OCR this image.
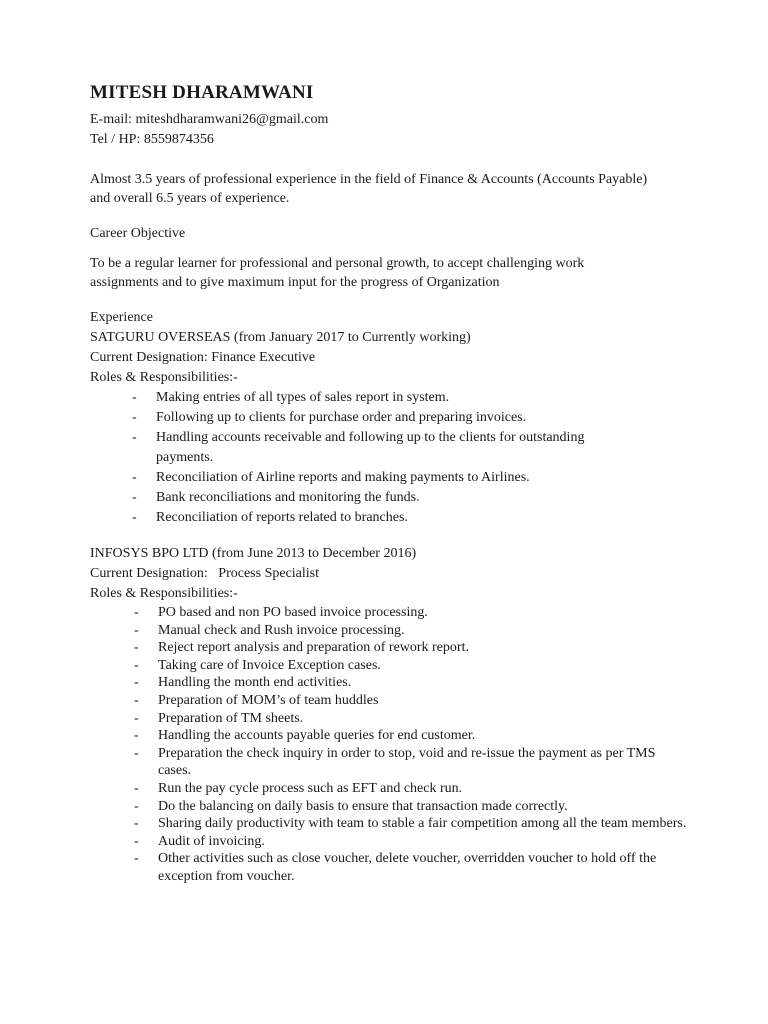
MITESH DHARAMWANI
E-mail: miteshdharamwani26@gmail.com
Tel / HP: 8559874356
Almost 3.5 years of professional experience in the field of Finance & Accounts (Accounts Payable) and overall 6.5 years of experience.
Career Objective
To be a regular learner for professional and personal growth, to accept challenging work assignments and to give maximum input for the progress of Organization
Experience
SATGURU OVERSEAS (from January 2017 to Currently working)
Current Designation: Finance Executive
Roles & Responsibilities:-
- Making entries of all types of sales report in system.
- Following up to clients for purchase order and preparing invoices.
- Handling accounts receivable and following up to the clients for outstanding payments.
- Reconciliation of Airline reports and making payments to Airlines.
- Bank reconciliations and monitoring the funds.
- Reconciliation of reports related to branches.
INFOSYS BPO LTD (from June 2013 to December 2016)
Current Designation:   Process Specialist
Roles & Responsibilities:-
- PO based and non PO based invoice processing.
- Manual check and Rush invoice processing.
- Reject report analysis and preparation of rework report.
- Taking care of Invoice Exception cases.
- Handling the month end activities.
- Preparation of MOM’s of team huddles
- Preparation of TM sheets.
- Handling the accounts payable queries for end customer.
- Preparation the check inquiry in order to stop, void and re-issue the payment as per TMS cases.
- Run the pay cycle process such as EFT and check run.
- Do the balancing on daily basis to ensure that transaction made correctly.
- Sharing daily productivity with team to stable a fair competition among all the team members.
- Audit of invoicing.
- Other activities such as close voucher, delete voucher, overridden voucher to hold off the exception from voucher.
